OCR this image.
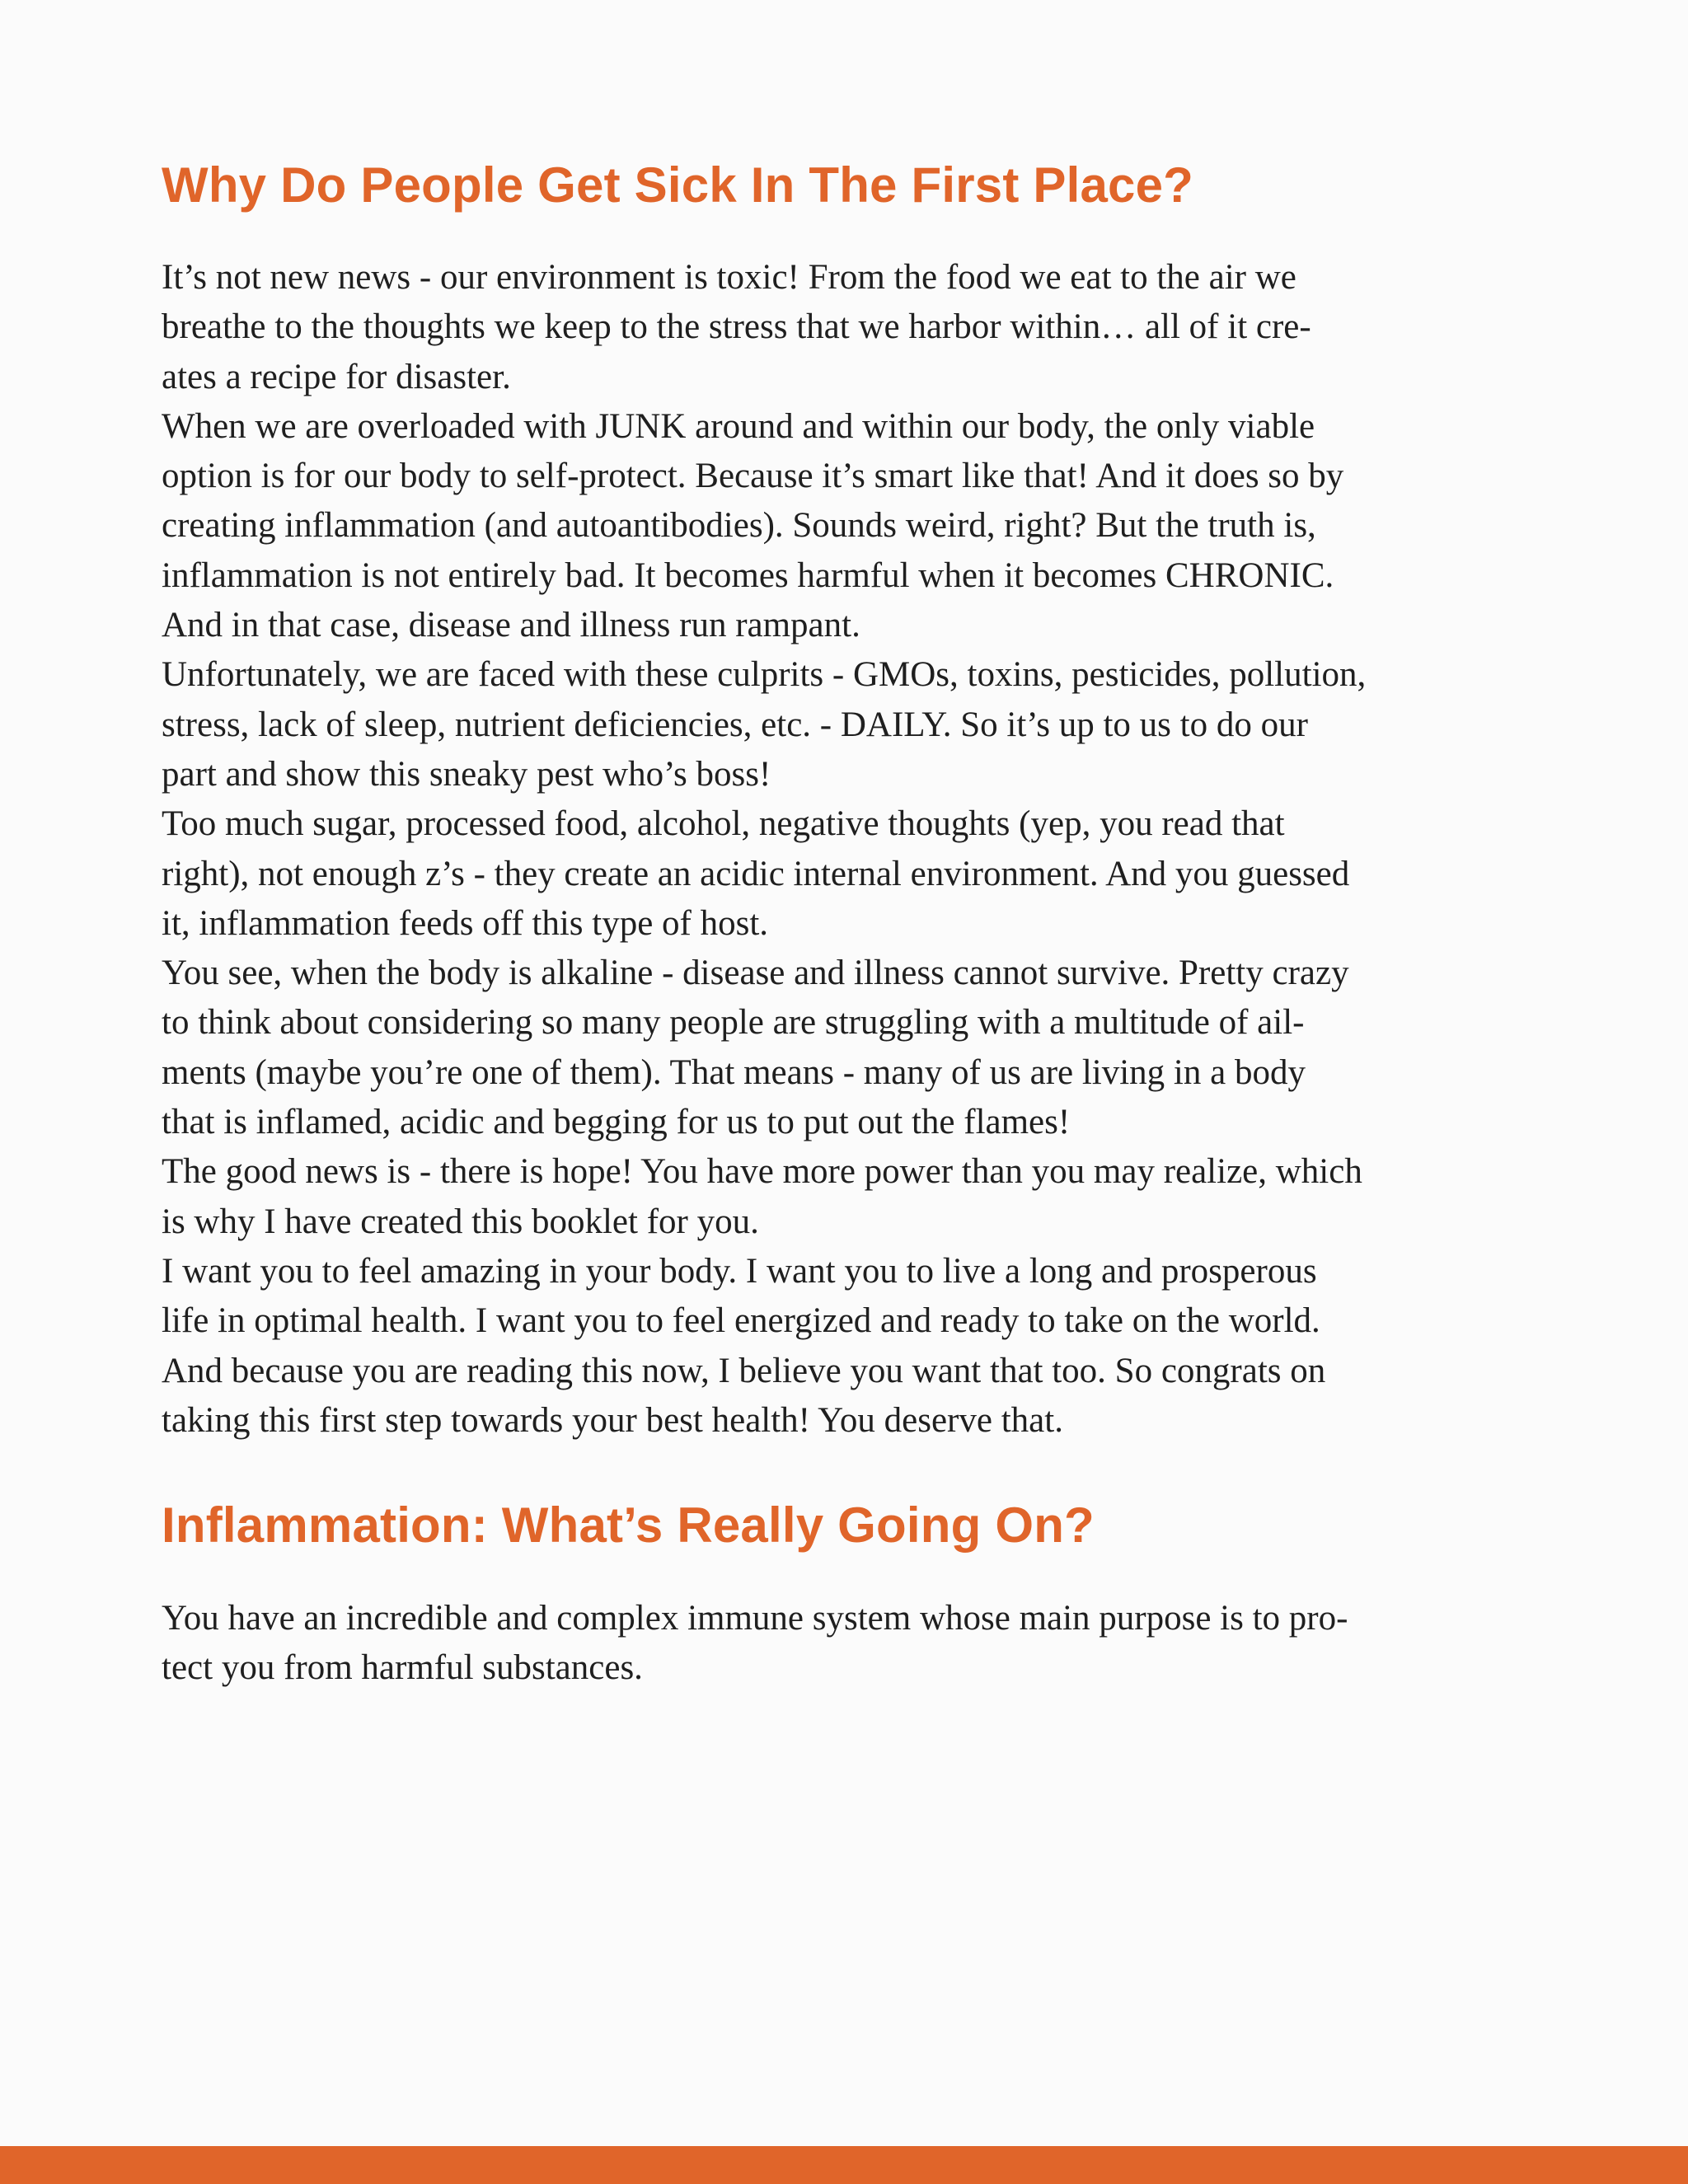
Why Do People Get Sick In The First Place?

It’s not new news - our environment is toxic! From the food we eat to the air we
breathe to the thoughts we keep to the stress that we harbor within… all of it cre-
ates a recipe for disaster.

When we are overloaded with JUNK around and within our body, the only viable
option is for our body to self-protect. Because it’s smart like that! And it does so by
creating inflammation (and autoantibodies). Sounds weird, right? But the truth is,
inflammation is not entirely bad. It becomes harmful when it becomes CHRONIC.
And in that case, disease and illness run rampant.

Unfortunately, we are faced with these culprits - GMOs, toxins, pesticides, pollution,
stress, lack of sleep, nutrient deficiencies, etc. - DAILY. So it’s up to us to do our
part and show this sneaky pest who’s boss!

Too much sugar, processed food, alcohol, negative thoughts (yep, you read that
right), not enough z’s - they create an acidic internal environment. And you guessed
it, inflammation feeds off this type of host.

You see, when the body is alkaline - disease and illness cannot survive. Pretty crazy
to think about considering so many people are struggling with a multitude of ail-
ments (maybe you’re one of them). That means - many of us are living in a body
that is inflamed, acidic and begging for us to put out the flames!

The good news is - there is hope! You have more power than you may realize, which
is why I have created this booklet for you.

I want you to feel amazing in your body. I want you to live a long and prosperous
life in optimal health. I want you to feel energized and ready to take on the world.
And because you are reading this now, I believe you want that too. So congrats on
taking this first step towards your best health! You deserve that.

Inflammation: What’s Really Going On?

You have an incredible and complex immune system whose main purpose is to pro-
tect you from harmful substances.
